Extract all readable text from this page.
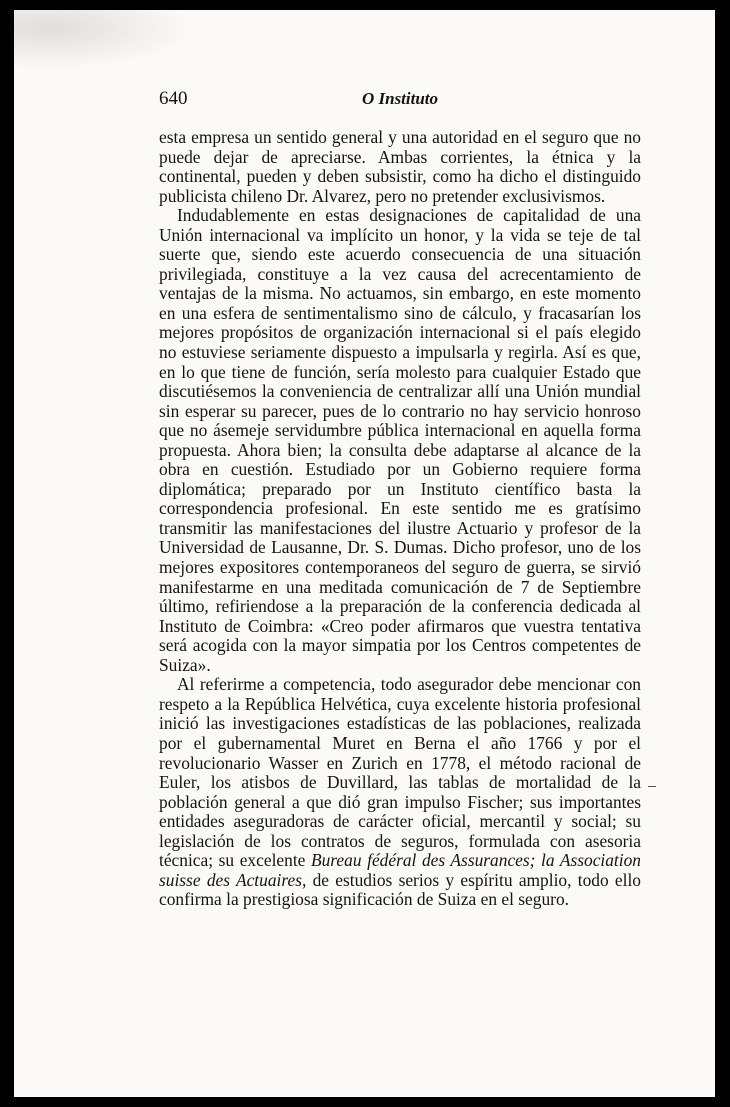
640	O Instituto

esta empresa un sentido general y una autoridad en el seguro que no puede dejar de apreciarse. Ambas corrientes, la étnica y la continental, pueden y deben subsistir, como ha dicho el distinguido publicista chileno Dr. Alvarez, pero no pretender exclusivismos.

Indudablemente en estas designaciones de capitalidad de una Unión internacional va implícito un honor, y la vida se teje de tal suerte que, siendo este acuerdo consecuencia de una situación privilegiada, constituye a la vez causa del acrecentamiento de ventajas de la misma. No actuamos, sin embargo, en este momento en una esfera de sentimentalismo sino de cálculo, y fracasarían los mejores propósitos de organización internacional si el país elegido no estuviese seriamente dispuesto a impulsarla y regirla. Así es que, en lo que tiene de función, sería molesto para cualquier Estado que discutiésemos la conveniencia de centralizar allí una Unión mundial sin esperar su parecer, pues de lo contrario no hay servicio honroso que no ásemeje servidumbre pública internacional en aquella forma propuesta. Ahora bien; la consulta debe adaptarse al alcance de la obra en cuestión. Estudiado por un Gobierno requiere forma diplomática; preparado por un Instituto científico basta la correspondencia profesional. En este sentido me es gratísimo transmitir las manifestaciones del ilustre Actuario y profesor de la Universidad de Lausanne, Dr. S. Dumas. Dicho profesor, uno de los mejores expositores contemporaneos del seguro de guerra, se sirvió manifestarme en una meditada comunicación de 7 de Septiembre último, refiriendose a la preparación de la conferencia dedicada al Instituto de Coimbra: «Creo poder afirmaros que vuestra tentativa será acogida con la mayor simpatia por los Centros competentes de Suiza».

Al referirme a competencia, todo asegurador debe mencionar con respeto a la República Helvética, cuya excelente historia profesional inició las investigaciones estadísticas de las poblaciones, realizada por el gubernamental Muret en Berna el año 1766 y por el revolucionario Wasser en Zurich en 1778, el método racional de Euler, los atisbos de Duvillard, las tablas de mortalidad de la población general a que dió gran impulso Fischer; sus importantes entidades aseguradoras de carácter oficial, mercantil y social; su legislación de los contratos de seguros, formulada con asesoria técnica; su excelente Bureau fédéral des Assurances; la Association suisse des Actuaires, de estudios serios y espíritu amplio, todo ello confirma la prestigiosa significación de Suiza en el seguro.
